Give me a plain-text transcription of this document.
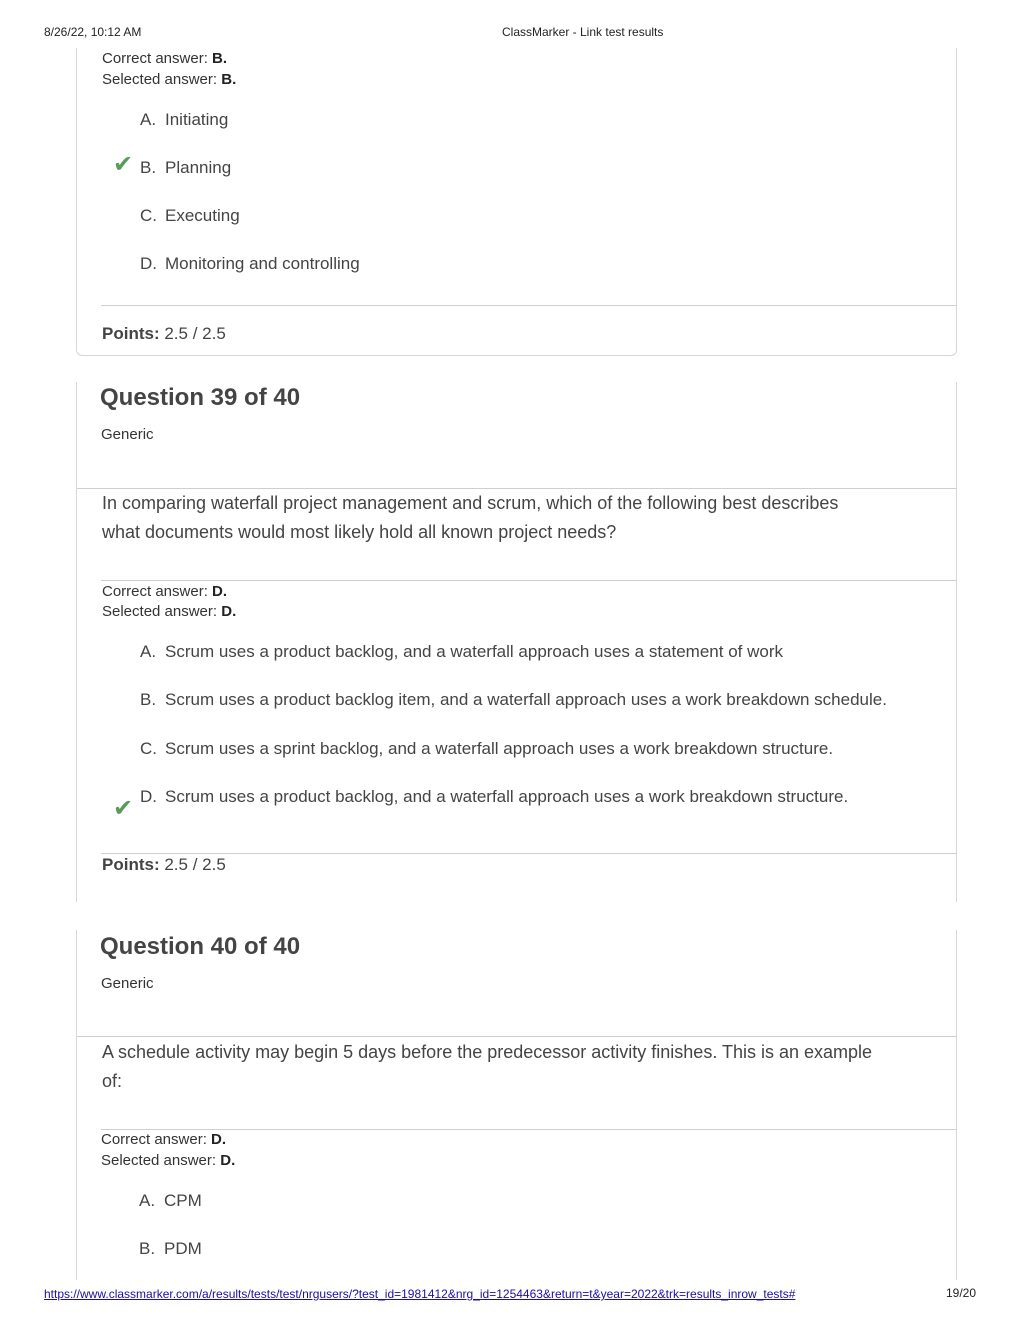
8/26/22, 10:12 AM	ClassMarker - Link test results
Correct answer: B.
Selected answer: B.
A. Initiating
✔ B. Planning
C. Executing
D. Monitoring and controlling
Points: 2.5 / 2.5
Question 39 of 40
Generic
In comparing waterfall project management and scrum, which of the following best describes
what documents would most likely hold all known project needs?
Correct answer: D.
Selected answer: D.
A. Scrum uses a product backlog, and a waterfall approach uses a statement of work
B. Scrum uses a product backlog item, and a waterfall approach uses a work breakdown schedule.
C. Scrum uses a sprint backlog, and a waterfall approach uses a work breakdown structure.
✔ D. Scrum uses a product backlog, and a waterfall approach uses a work breakdown structure.
Points: 2.5 / 2.5
Question 40 of 40
Generic
A schedule activity may begin 5 days before the predecessor activity finishes. This is an example
of:
Correct answer: D.
Selected answer: D.
A. CPM
B. PDM
https://www.classmarker.com/a/results/tests/test/nrgusers/?test_id=1981412&nrg_id=1254463&return=t&year=2022&trk=results_inrow_tests#	19/20
